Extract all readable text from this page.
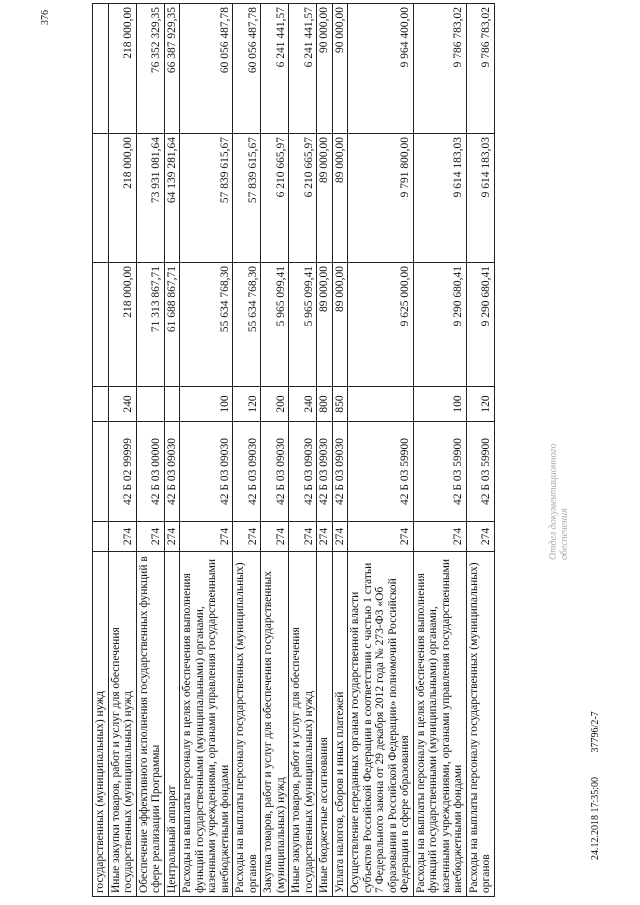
376
государственных (муниципальных) нужд						
Иные закупки товаров, работ и услуг для обеспечения государственных (муниципальных) нужд	274	42 Б 02 99999	240	218 000,00	218 000,00	218 000,00
Обеспечение эффективного исполнения государственных функций в сфере реализации Программы	274	42 Б 03 00000		71 313 867,71	73 931 081,64	76 352 329,35
Центральный аппарат	274	42 Б 03 09030		61 688 867,71	64 139 281,64	66 387 929,35
Расходы на выплаты персоналу в целях обеспечения выполнения функций государственными (муниципальными) органами, казенными учреждениями, органами управления государственными внебюджетными фондами	274	42 Б 03 09030	100	55 634 768,30	57 839 615,67	60 056 487,78
Расходы на выплаты персоналу государственных (муниципальных) органов	274	42 Б 03 09030	120	55 634 768,30	57 839 615,67	60 056 487,78
Закупка товаров, работ и услуг для обеспечения государственных (муниципальных) нужд	274	42 Б 03 09030	200	5 965 099,41	6 210 665,97	6 241 441,57
Иные закупки товаров, работ и услуг для обеспечения государственных (муниципальных) нужд	274	42 Б 03 09030	240	5 965 099,41	6 210 665,97	6 241 441,57
Иные бюджетные ассигнования	274	42 Б 03 09030	800	89 000,00	89 000,00	90 000,00
Уплата налогов, сборов и иных платежей	274	42 Б 03 09030	850	89 000,00	89 000,00	90 000,00
Осуществление переданных органам государственной власти субъектов Российской Федерации в соответствии с частью 1 статьи 7 Федерального закона от 29 декабря 2012 года № 273-ФЗ «Об образовании в Российской Федерации» полномочий Российской Федерации в сфере образования	274	42 Б 03 59900		9 625 000,00	9 791 800,00	9 964 400,00
Расходы на выплаты персоналу в целях обеспечения выполнения функций государственными (муниципальными) органами, казенными учреждениями, органами управления государственными внебюджетными фондами	274	42 Б 03 59900	100	9 290 680,41	9 614 183,03	9 786 783,02
Расходы на выплаты персоналу государственных (муниципальных) органов	274	42 Б 03 59900	120	9 290 680,41	9 614 183,03	9 786 783,02
Отдел документационного обеспечения
24.12.2018 17:35:00 37796/2-7
